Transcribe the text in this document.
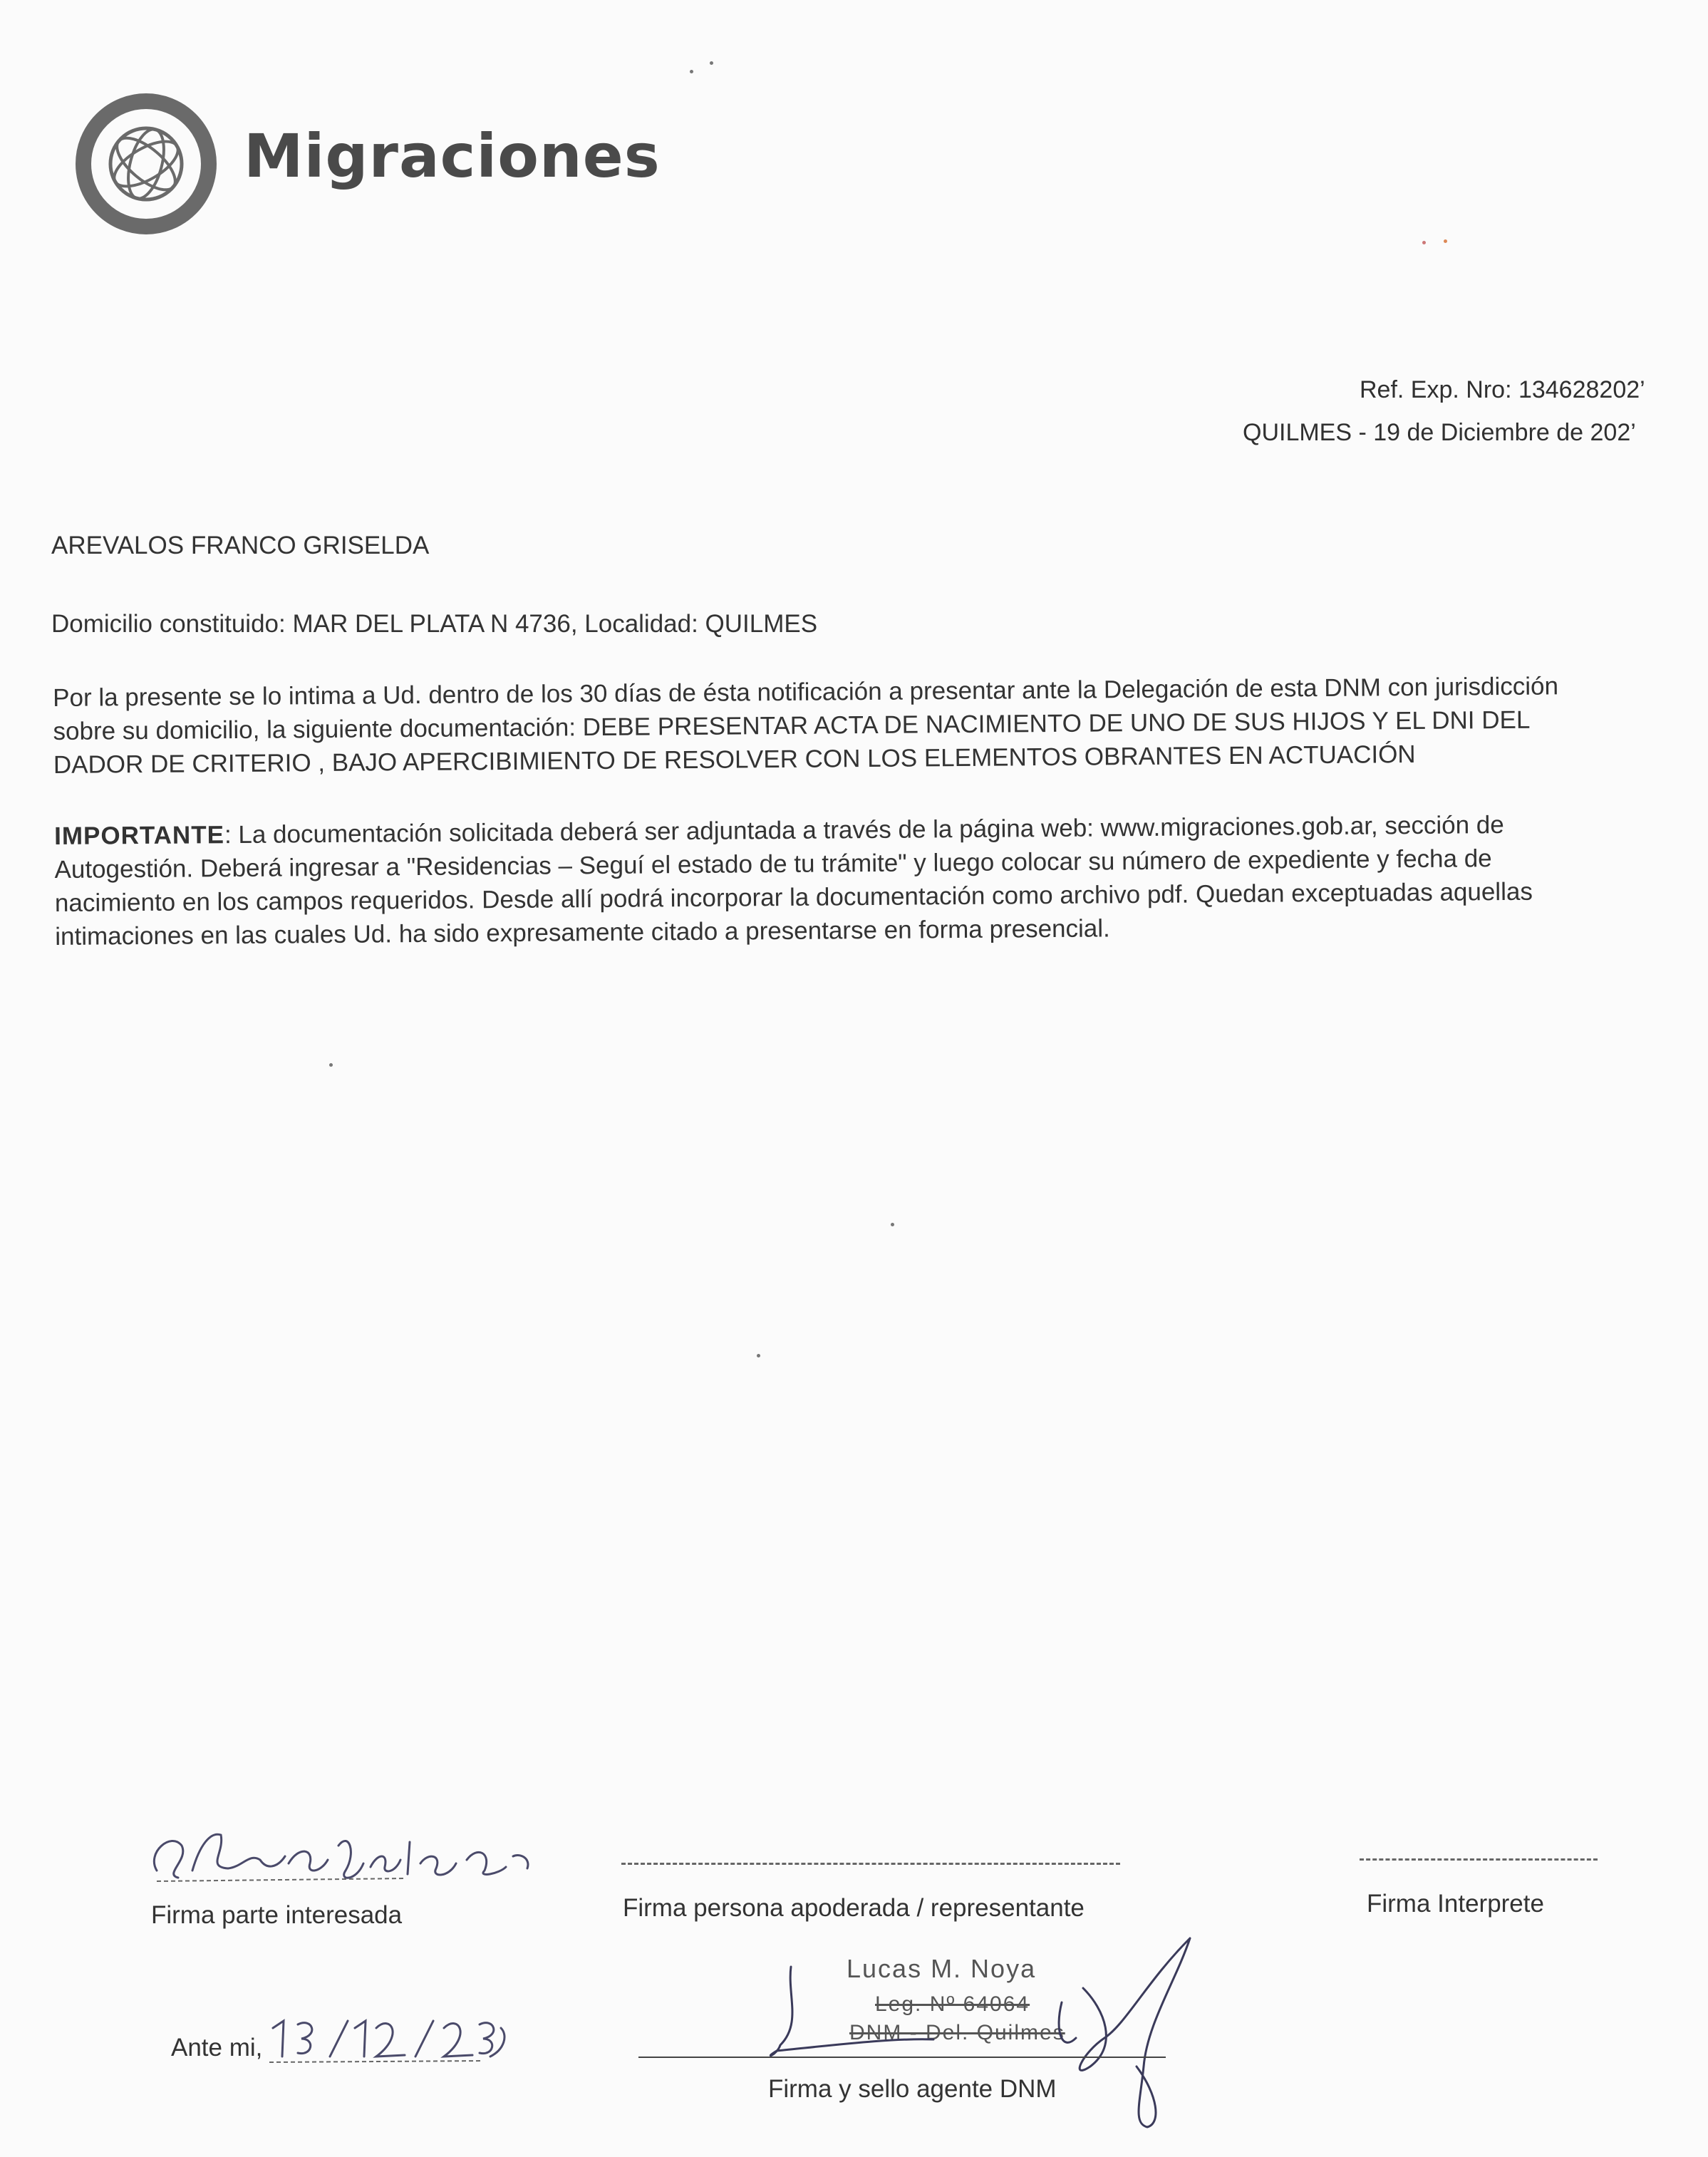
Migraciones
Ref. Exp. Nro: 134628202’
QUILMES - 19 de Diciembre de 202’
AREVALOS FRANCO GRISELDA
Domicilio constituido: MAR DEL PLATA N 4736, Localidad: QUILMES
Por la presente se lo intima a Ud. dentro de los 30 días de ésta notificación a presentar ante la Delegación de esta DNM con jurisdicción
sobre su domicilio, la siguiente documentación: DEBE PRESENTAR ACTA DE NACIMIENTO DE UNO DE SUS HIJOS Y EL DNI DEL
DADOR DE CRITERIO , BAJO APERCIBIMIENTO DE RESOLVER CON LOS ELEMENTOS OBRANTES EN ACTUACIÓN
IMPORTANTE: La documentación solicitada deberá ser adjuntada a través de la página web: www.migraciones.gob.ar, sección de
Autogestión. Deberá ingresar a "Residencias – Seguí el estado de tu trámite" y luego colocar su número de expediente y fecha de
nacimiento en los campos requeridos. Desde allí podrá incorporar la documentación como archivo pdf. Quedan exceptuadas aquellas
intimaciones en las cuales Ud. ha sido expresamente citado a presentarse en forma presencial.
Firma parte interesada	Firma persona apoderada / representante	Firma Interprete
Ante mi,
Lucas M. Noya
Leg. Nº 64064
DNM - Del. Quilmes
Firma y sello agente DNM
